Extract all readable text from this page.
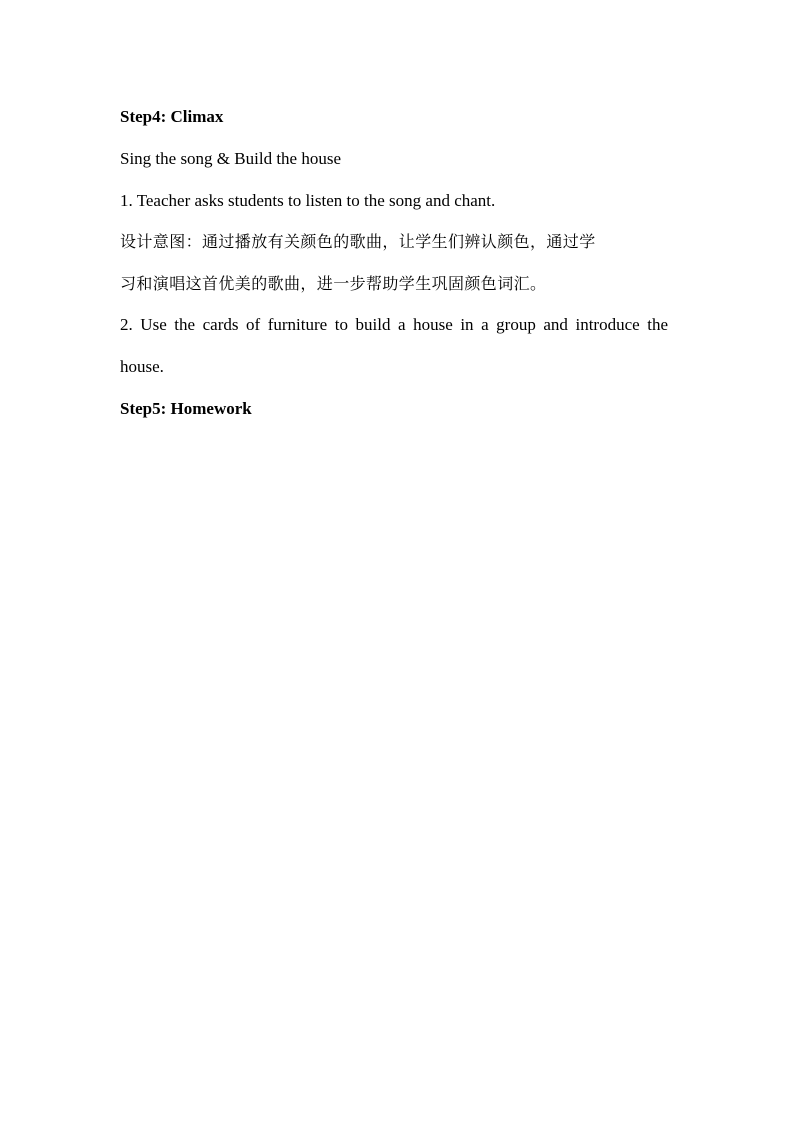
Step4: Climax
Sing the song & Build the house
1. Teacher asks students to listen to the song and chant.
设计意图：通过播放有关颜色的歌曲，让学生们辨认颜色，通过学
习和演唱这首优美的歌曲，进一步帮助学生巩固颜色词汇。
2. Use the cards of furniture to build a house in a group and introduce the
house.
Step5: Homework
